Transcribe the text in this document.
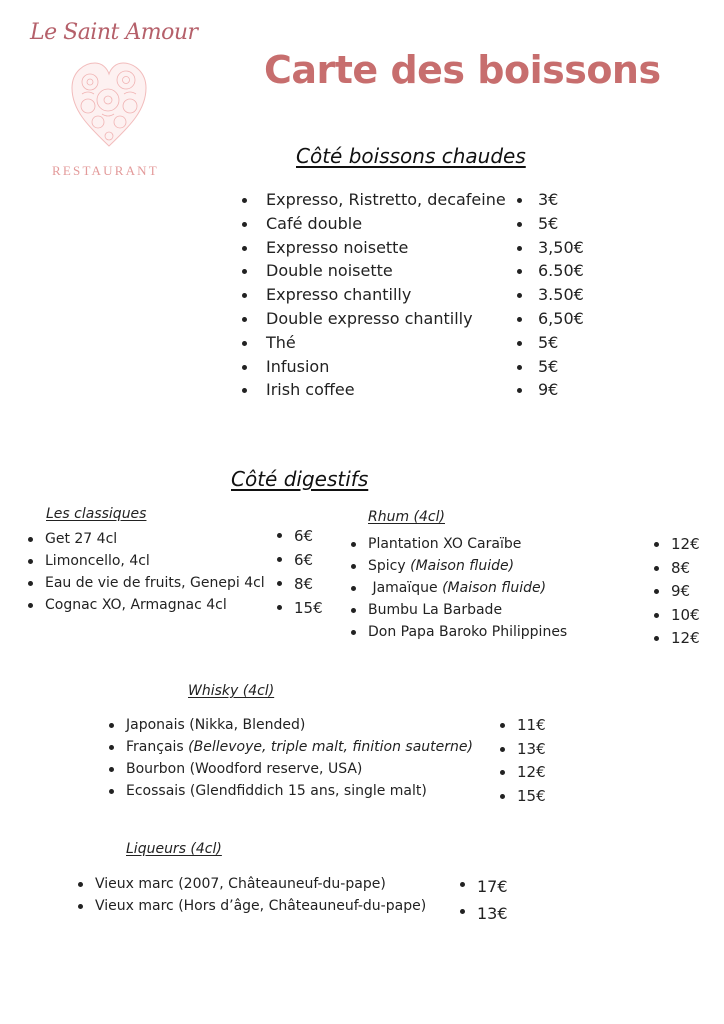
Le Saint Amour
RESTAURANT
Carte des boissons
Côté boissons chaudes
Expresso, Ristretto, decafeine
Café double
Expresso noisette
Double noisette
Expresso chantilly
Double expresso chantilly
Thé
Infusion
Irish coffee
3€
5€
3,50€
6.50€
3.50€
6,50€
5€
5€
9€
Côté digestifs
Les classiques
Get 27 4cl
Limoncello, 4cl
Eau de vie de fruits, Genepi 4cl
Cognac XO, Armagnac 4cl
6€
6€
8€
15€
Rhum (4cl)
Plantation XO Caraïbe
Spicy (Maison fluide)
Jamaïque (Maison fluide)
Bumbu La Barbade
Don Papa Baroko Philippines
12€
8€
9€
10€
12€
Whisky (4cl)
Japonais (Nikka, Blended)
Français (Bellevoye, triple malt, finition sauterne)
Bourbon (Woodford reserve, USA)
Ecossais (Glendfiddich 15 ans, single malt)
11€
13€
12€
15€
Liqueurs (4cl)
Vieux marc (2007, Châteauneuf-du-pape)
Vieux marc (Hors d’âge, Châteauneuf-du-pape)
17€
13€
